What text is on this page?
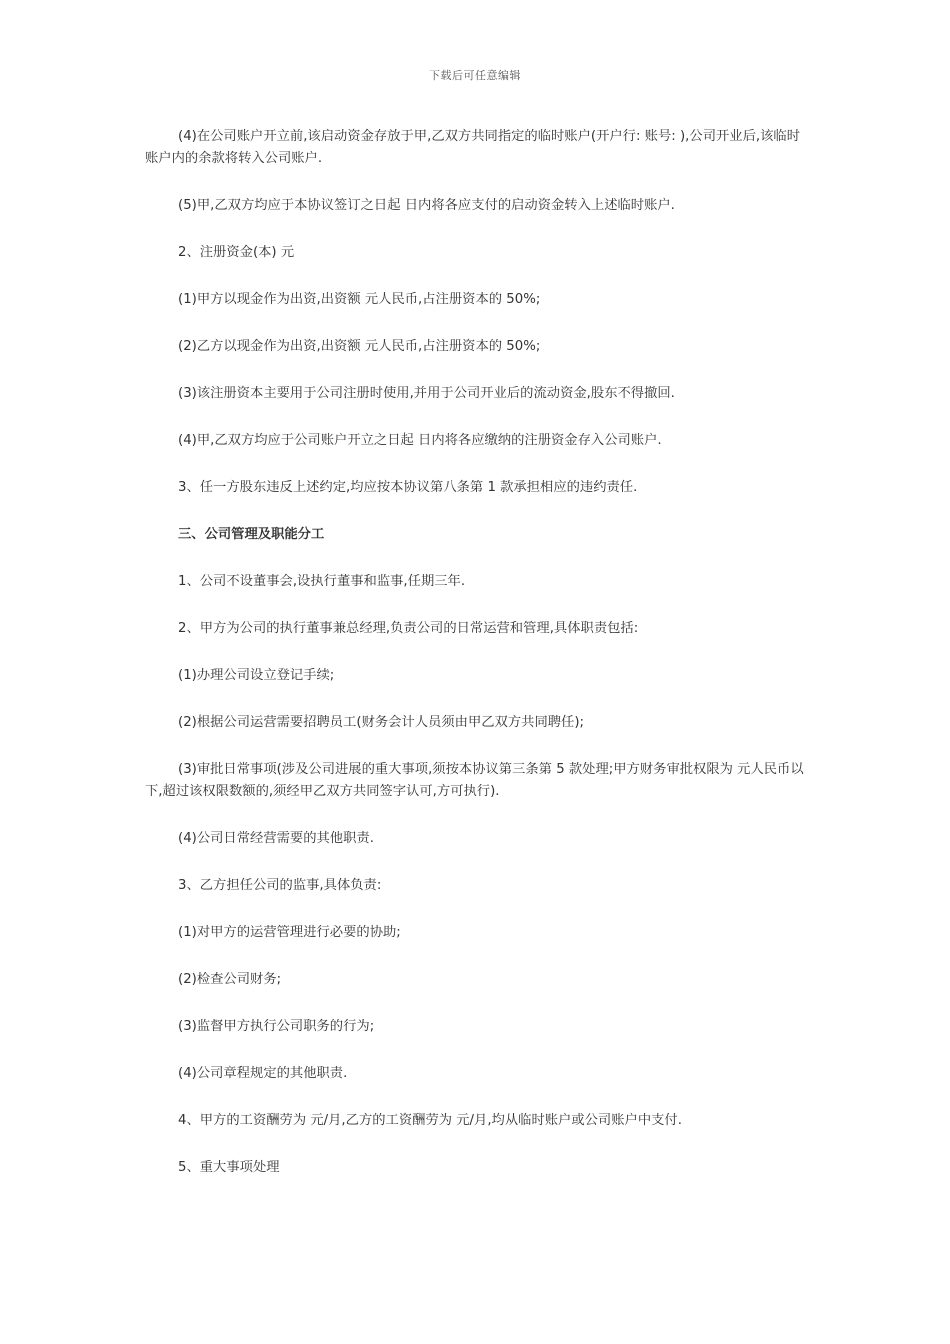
下载后可任意编辑

(4)在公司账户开立前,该启动资金存放于甲,乙双方共同指定的临时账户(开户行: 账号: ),公司开业后,该临时账户内的余款将转入公司账户.

(5)甲,乙双方均应于本协议签订之日起 日内将各应支付的启动资金转入上述临时账户.

2、注册资金(本) 元

(1)甲方以现金作为出资,出资额 元人民币,占注册资本的 50%;

(2)乙方以现金作为出资,出资额 元人民币,占注册资本的 50%;

(3)该注册资本主要用于公司注册时使用,并用于公司开业后的流动资金,股东不得撤回.

(4)甲,乙双方均应于公司账户开立之日起 日内将各应缴纳的注册资金存入公司账户.

3、任一方股东违反上述约定,均应按本协议第八条第 1 款承担相应的违约责任.

三、公司管理及职能分工

1、公司不设董事会,设执行董事和监事,任期三年.

2、甲方为公司的执行董事兼总经理,负责公司的日常运营和管理,具体职责包括:

(1)办理公司设立登记手续;

(2)根据公司运营需要招聘员工(财务会计人员须由甲乙双方共同聘任);

(3)审批日常事项(涉及公司进展的重大事项,须按本协议第三条第 5 款处理;甲方财务审批权限为 元人民币以下,超过该权限数额的,须经甲乙双方共同签字认可,方可执行).

(4)公司日常经营需要的其他职责.

3、乙方担任公司的监事,具体负责:

(1)对甲方的运营管理进行必要的协助;

(2)检查公司财务;

(3)监督甲方执行公司职务的行为;

(4)公司章程规定的其他职责.

4、甲方的工资酬劳为 元/月,乙方的工资酬劳为 元/月,均从临时账户或公司账户中支付.

5、重大事项处理
